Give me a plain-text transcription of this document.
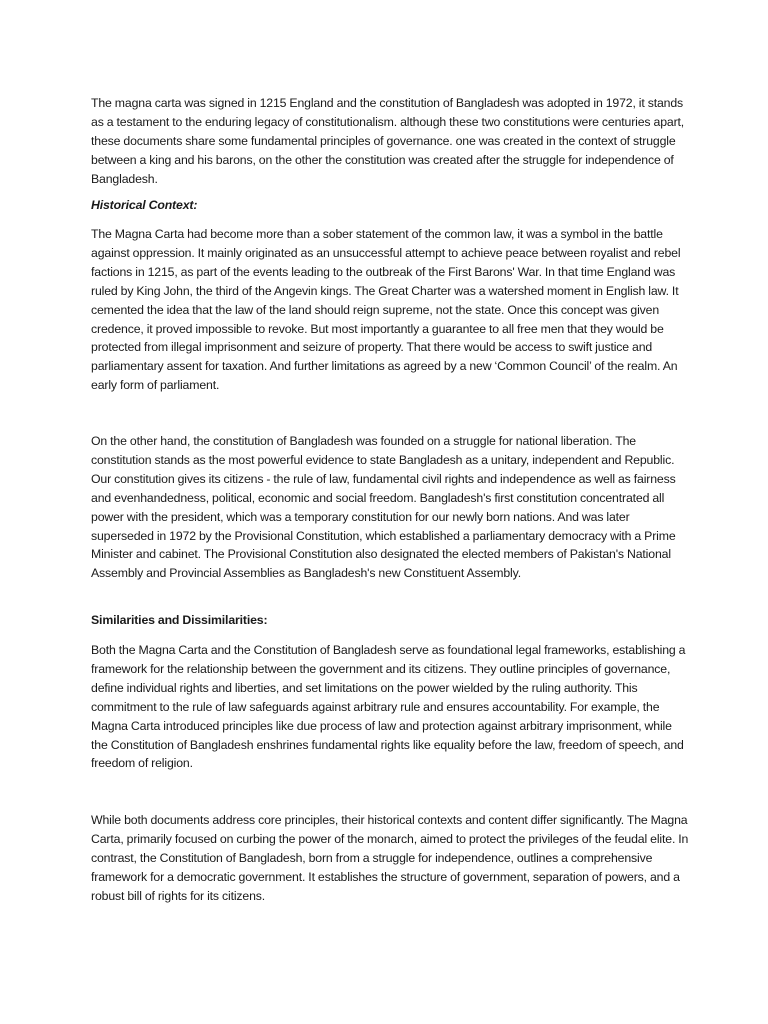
The magna carta was signed in 1215 England and the constitution of Bangladesh was adopted in 1972, it stands as a testament to the enduring legacy of constitutionalism. although these two constitutions were centuries apart, these documents share some fundamental principles of governance. one was created in the context of struggle between a king and his barons, on the other the constitution was created after the struggle for independence of Bangladesh.

Historical Context:

The Magna Carta had become more than a sober statement of the common law, it was a symbol in the battle against oppression. It mainly originated as an unsuccessful attempt to achieve peace between royalist and rebel factions in 1215, as part of the events leading to the outbreak of the First Barons' War. In that time England was ruled by King John, the third of the Angevin kings. The Great Charter was a watershed moment in English law. It cemented the idea that the law of the land should reign supreme, not the state. Once this concept was given credence, it proved impossible to revoke. But most importantly a guarantee to all free men that they would be protected from illegal imprisonment and seizure of property. That there would be access to swift justice and parliamentary assent for taxation. And further limitations as agreed by a new ‘Common Council’ of the realm. An early form of parliament.

On the other hand, the constitution of Bangladesh was founded on a struggle for national liberation. The constitution stands as the most powerful evidence to state Bangladesh as a unitary, independent and Republic. Our constitution gives its citizens - the rule of law, fundamental civil rights and independence as well as fairness and evenhandedness, political, economic and social freedom. Bangladesh's first constitution concentrated all power with the president, which was a temporary constitution for our newly born nations. And was later superseded in 1972 by the Provisional Constitution, which established a parliamentary democracy with a Prime Minister and cabinet. The Provisional Constitution also designated the elected members of Pakistan's National Assembly and Provincial Assemblies as Bangladesh's new Constituent Assembly.

Similarities and Dissimilarities:

Both the Magna Carta and the Constitution of Bangladesh serve as foundational legal frameworks, establishing a framework for the relationship between the government and its citizens. They outline principles of governance, define individual rights and liberties, and set limitations on the power wielded by the ruling authority. This commitment to the rule of law safeguards against arbitrary rule and ensures accountability. For example, the Magna Carta introduced principles like due process of law and protection against arbitrary imprisonment, while the Constitution of Bangladesh enshrines fundamental rights like equality before the law, freedom of speech, and freedom of religion.

While both documents address core principles, their historical contexts and content differ significantly. The Magna Carta, primarily focused on curbing the power of the monarch, aimed to protect the privileges of the feudal elite. In contrast, the Constitution of Bangladesh, born from a struggle for independence, outlines a comprehensive framework for a democratic government. It establishes the structure of government, separation of powers, and a robust bill of rights for its citizens.
